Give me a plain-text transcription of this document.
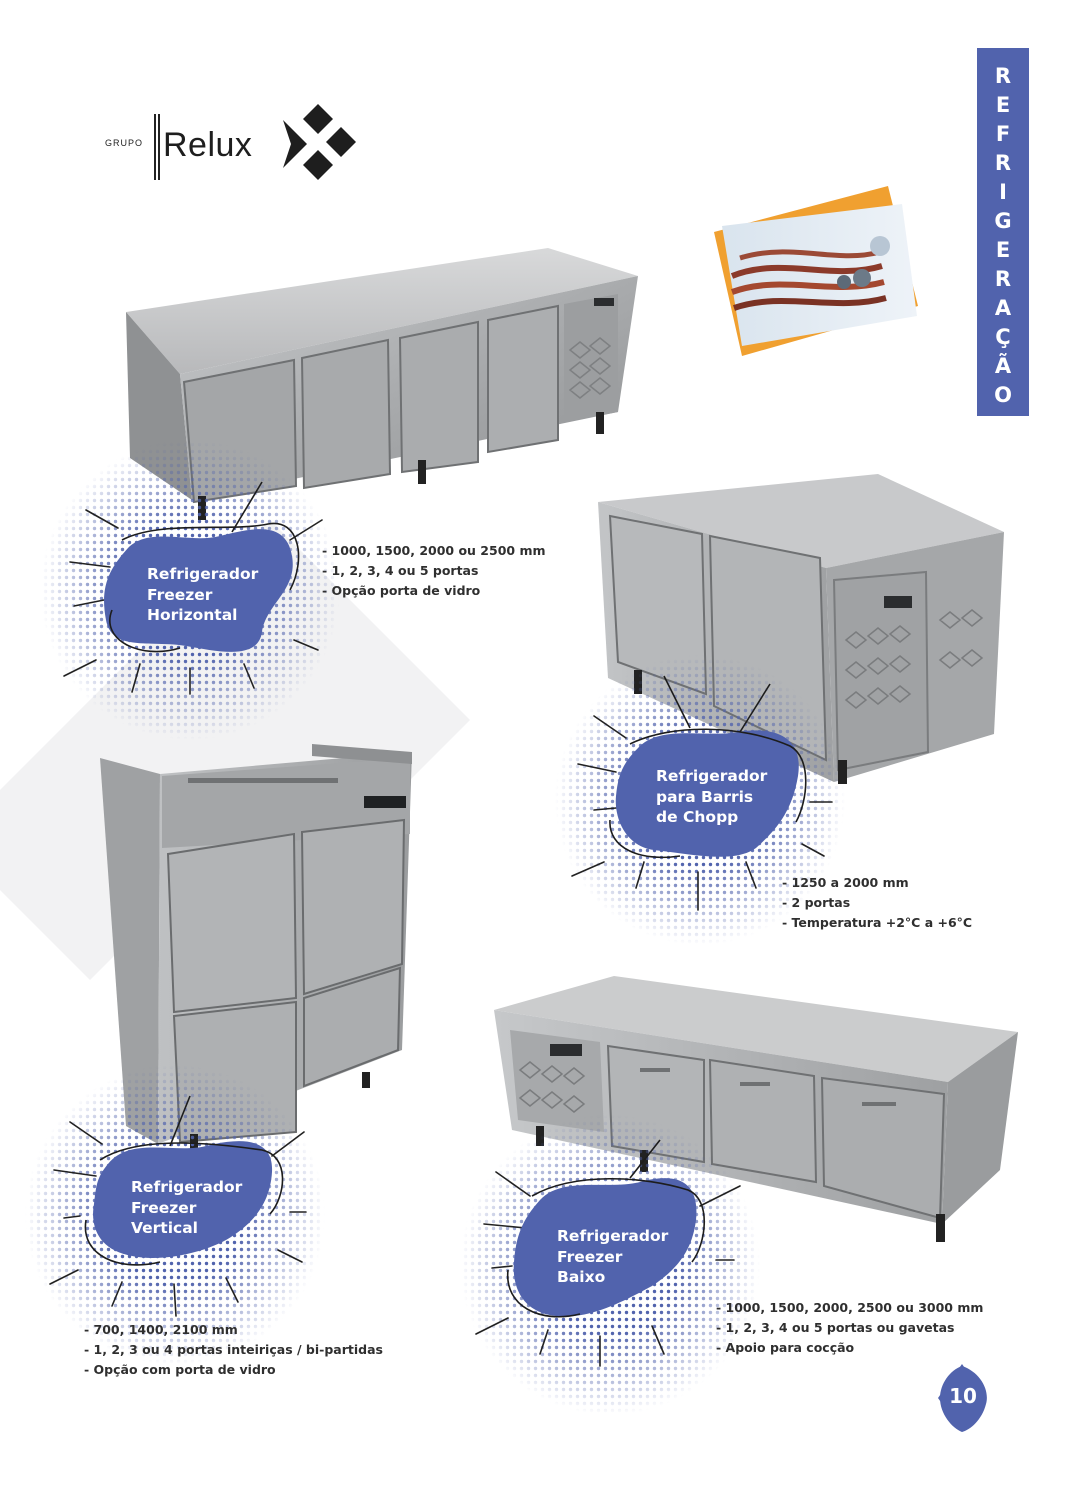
GRUPO Relux
R
E
F
R
I
G
E
R
A
Ç
Ã
O
Refrigerador
Freezer
Horizontal
- 1000, 1500, 2000 ou 2500 mm
- 1, 2, 3, 4 ou 5 portas
- Opção porta de vidro
Refrigerador
para Barris
de Chopp
- 1250 a 2000 mm
- 2 portas
- Temperatura +2°C a +6°C
Refrigerador
Freezer
Vertical
- 700, 1400, 2100 mm
- 1, 2, 3 ou 4 portas inteiriças / bi-partidas
- Opção com porta de vidro
Refrigerador
Freezer
Baixo
- 1000, 1500, 2000, 2500 ou 3000 mm
- 1, 2, 3, 4 ou 5 portas ou gavetas
- Apoio para cocção
10
